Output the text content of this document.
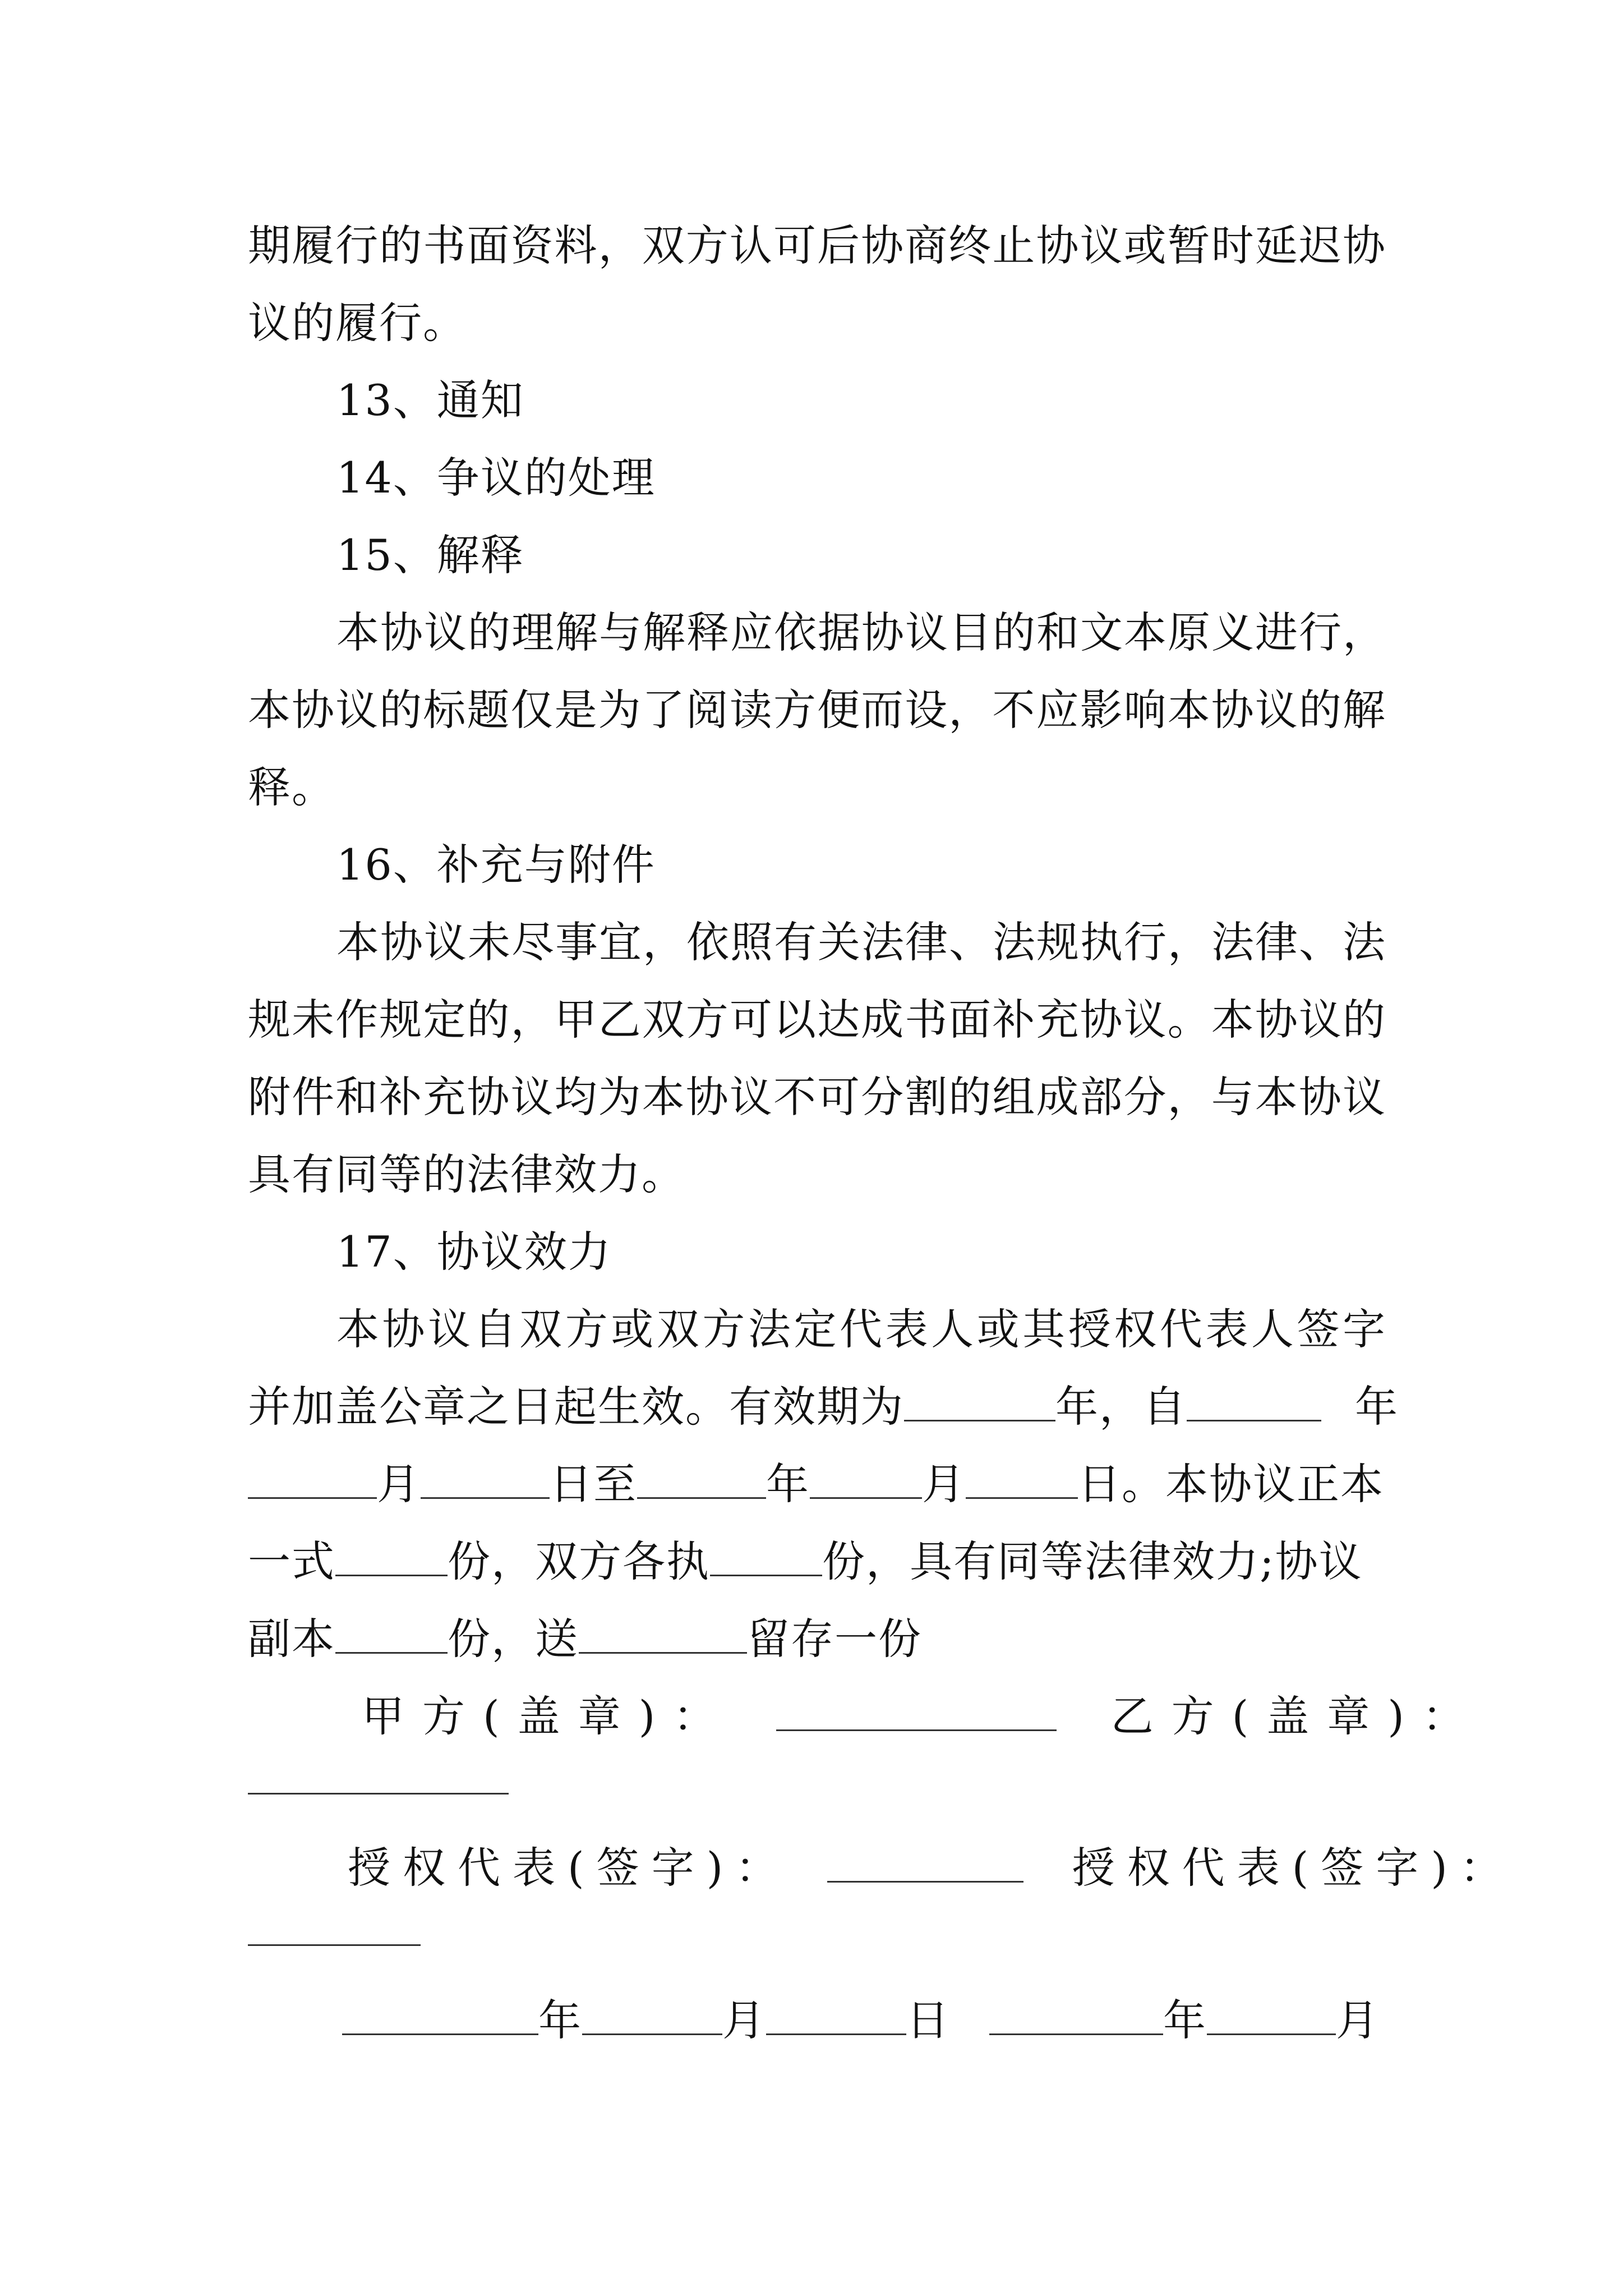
期履行的书面资料，双方认可后协商终止协议或暂时延迟协
议的履行。
13、通知
14、争议的处理
15、解释
本协议的理解与解释应依据协议目的和文本原义进行，
本协议的标题仅是为了阅读方便而设，不应影响本协议的解
释。
16、补充与附件
本协议未尽事宜，依照有关法律、法规执行，法律、法
规未作规定的，甲乙双方可以达成书面补充协议。本协议的
附件和补充协议均为本协议不可分割的组成部分，与本协议
具有同等的法律效力。
17、协议效力
本协议自双方或双方法定代表人或其授权代表人签字
并加盖公章之日起生效。有效期为	年，自	年
月	日至	年	月	日。本协议正本
一式	份，双方各执	份，具有同等法律效力;协议
副本	份，送	留存一份
甲方(盖章)：	乙方(盖章)：
授权代表(签字)：	授权代表(签字)：
年	月	日	年	月
